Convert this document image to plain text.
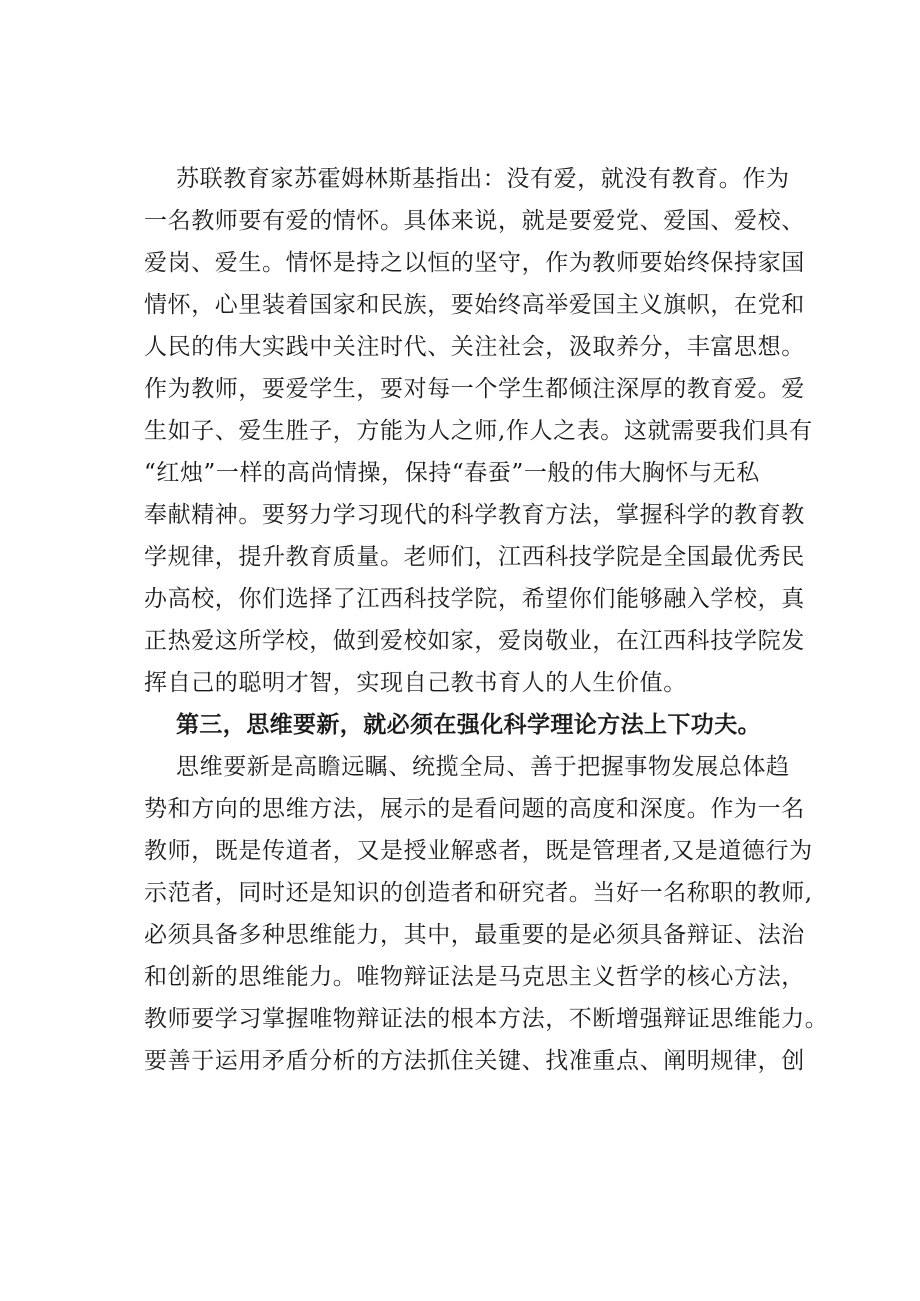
苏联教育家苏霍姆林斯基指出：没有爱，就没有教育。作为
一名教师要有爱的情怀。具体来说，就是要爱党、爱国、爱校、
爱岗、爱生。情怀是持之以恒的坚守，作为教师要始终保持家国
情怀，心里装着国家和民族，要始终高举爱国主义旗帜，在党和
人民的伟大实践中关注时代、关注社会，汲取养分，丰富思想。
作为教师，要爱学生，要对每一个学生都倾注深厚的教育爱。爱
生如子、爱生胜子，方能为人之师,作人之表。这就需要我们具有
“红烛”一样的高尚情操，保持“春蚕”一般的伟大胸怀与无私
奉献精神。要努力学习现代的科学教育方法，掌握科学的教育教
学规律，提升教育质量。老师们，江西科技学院是全国最优秀民
办高校，你们选择了江西科技学院，希望你们能够融入学校，真
正热爱这所学校，做到爱校如家，爱岗敬业，在江西科技学院发
挥自己的聪明才智，实现自己教书育人的人生价值。
第三，思维要新，就必须在强化科学理论方法上下功夫。
思维要新是高瞻远瞩、统揽全局、善于把握事物发展总体趋
势和方向的思维方法，展示的是看问题的高度和深度。作为一名
教师，既是传道者，又是授业解惑者，既是管理者,又是道德行为
示范者，同时还是知识的创造者和研究者。当好一名称职的教师,
必须具备多种思维能力，其中，最重要的是必须具备辩证、法治
和创新的思维能力。唯物辩证法是马克思主义哲学的核心方法，
教师要学习掌握唯物辩证法的根本方法，不断增强辩证思维能力。
要善于运用矛盾分析的方法抓住关键、找准重点、阐明规律，创
